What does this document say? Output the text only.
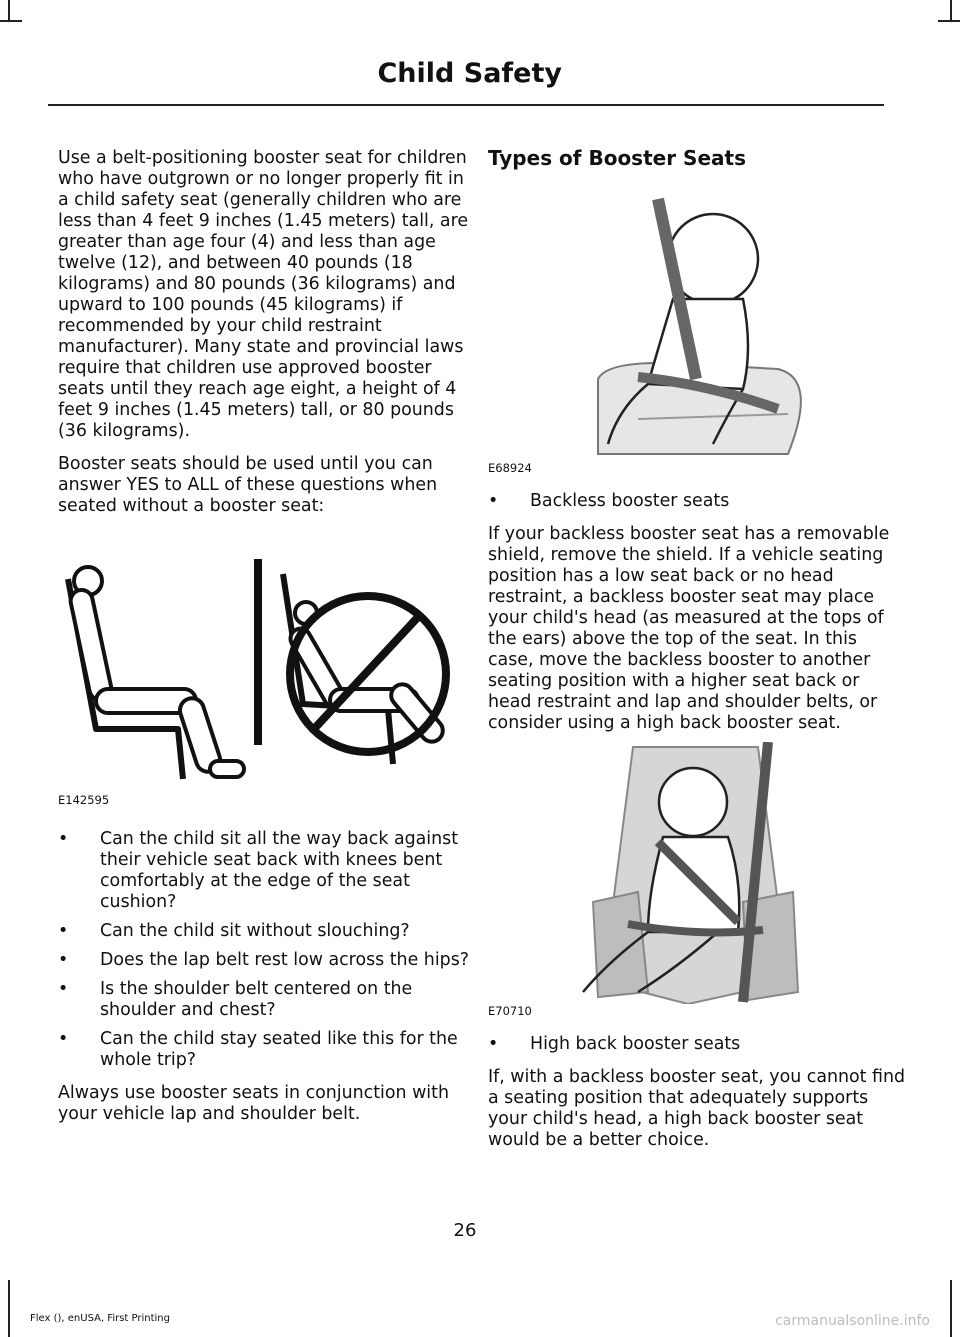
Child Safety

Use a belt-positioning booster seat for children who have outgrown or no longer properly fit in a child safety seat (generally children who are less than 4 feet 9 inches (1.45 meters) tall, are greater than age four (4) and less than age twelve (12), and between 40 pounds (18 kilograms) and 80 pounds (36 kilograms) and upward to 100 pounds (45 kilograms) if recommended by your child restraint manufacturer). Many state and provincial laws require that children use approved booster seats until they reach age eight, a height of 4 feet 9 inches (1.45 meters) tall, or 80 pounds (36 kilograms).

Booster seats should be used until you can answer YES to ALL of these questions when seated without a booster seat:

E142595
• Can the child sit all the way back against their vehicle seat back with knees bent comfortably at the edge of the seat cushion?
• Can the child sit without slouching?
• Does the lap belt rest low across the hips?
• Is the shoulder belt centered on the shoulder and chest?
• Can the child stay seated like this for the whole trip?

Always use booster seats in conjunction with your vehicle lap and shoulder belt.

Types of Booster Seats
E68924
• Backless booster seats

If your backless booster seat has a removable shield, remove the shield. If a vehicle seating position has a low seat back or no head restraint, a backless booster seat may place your child's head (as measured at the tops of the ears) above the top of the seat. In this case, move the backless booster to another seating position with a higher seat back or head restraint and lap and shoulder belts, or consider using a high back booster seat.

E70710
• High back booster seats

If, with a backless booster seat, you cannot find a seating position that adequately supports your child's head, a high back booster seat would be a better choice.

26
Flex (), enUSA, First Printing	carmanualsonline.info
